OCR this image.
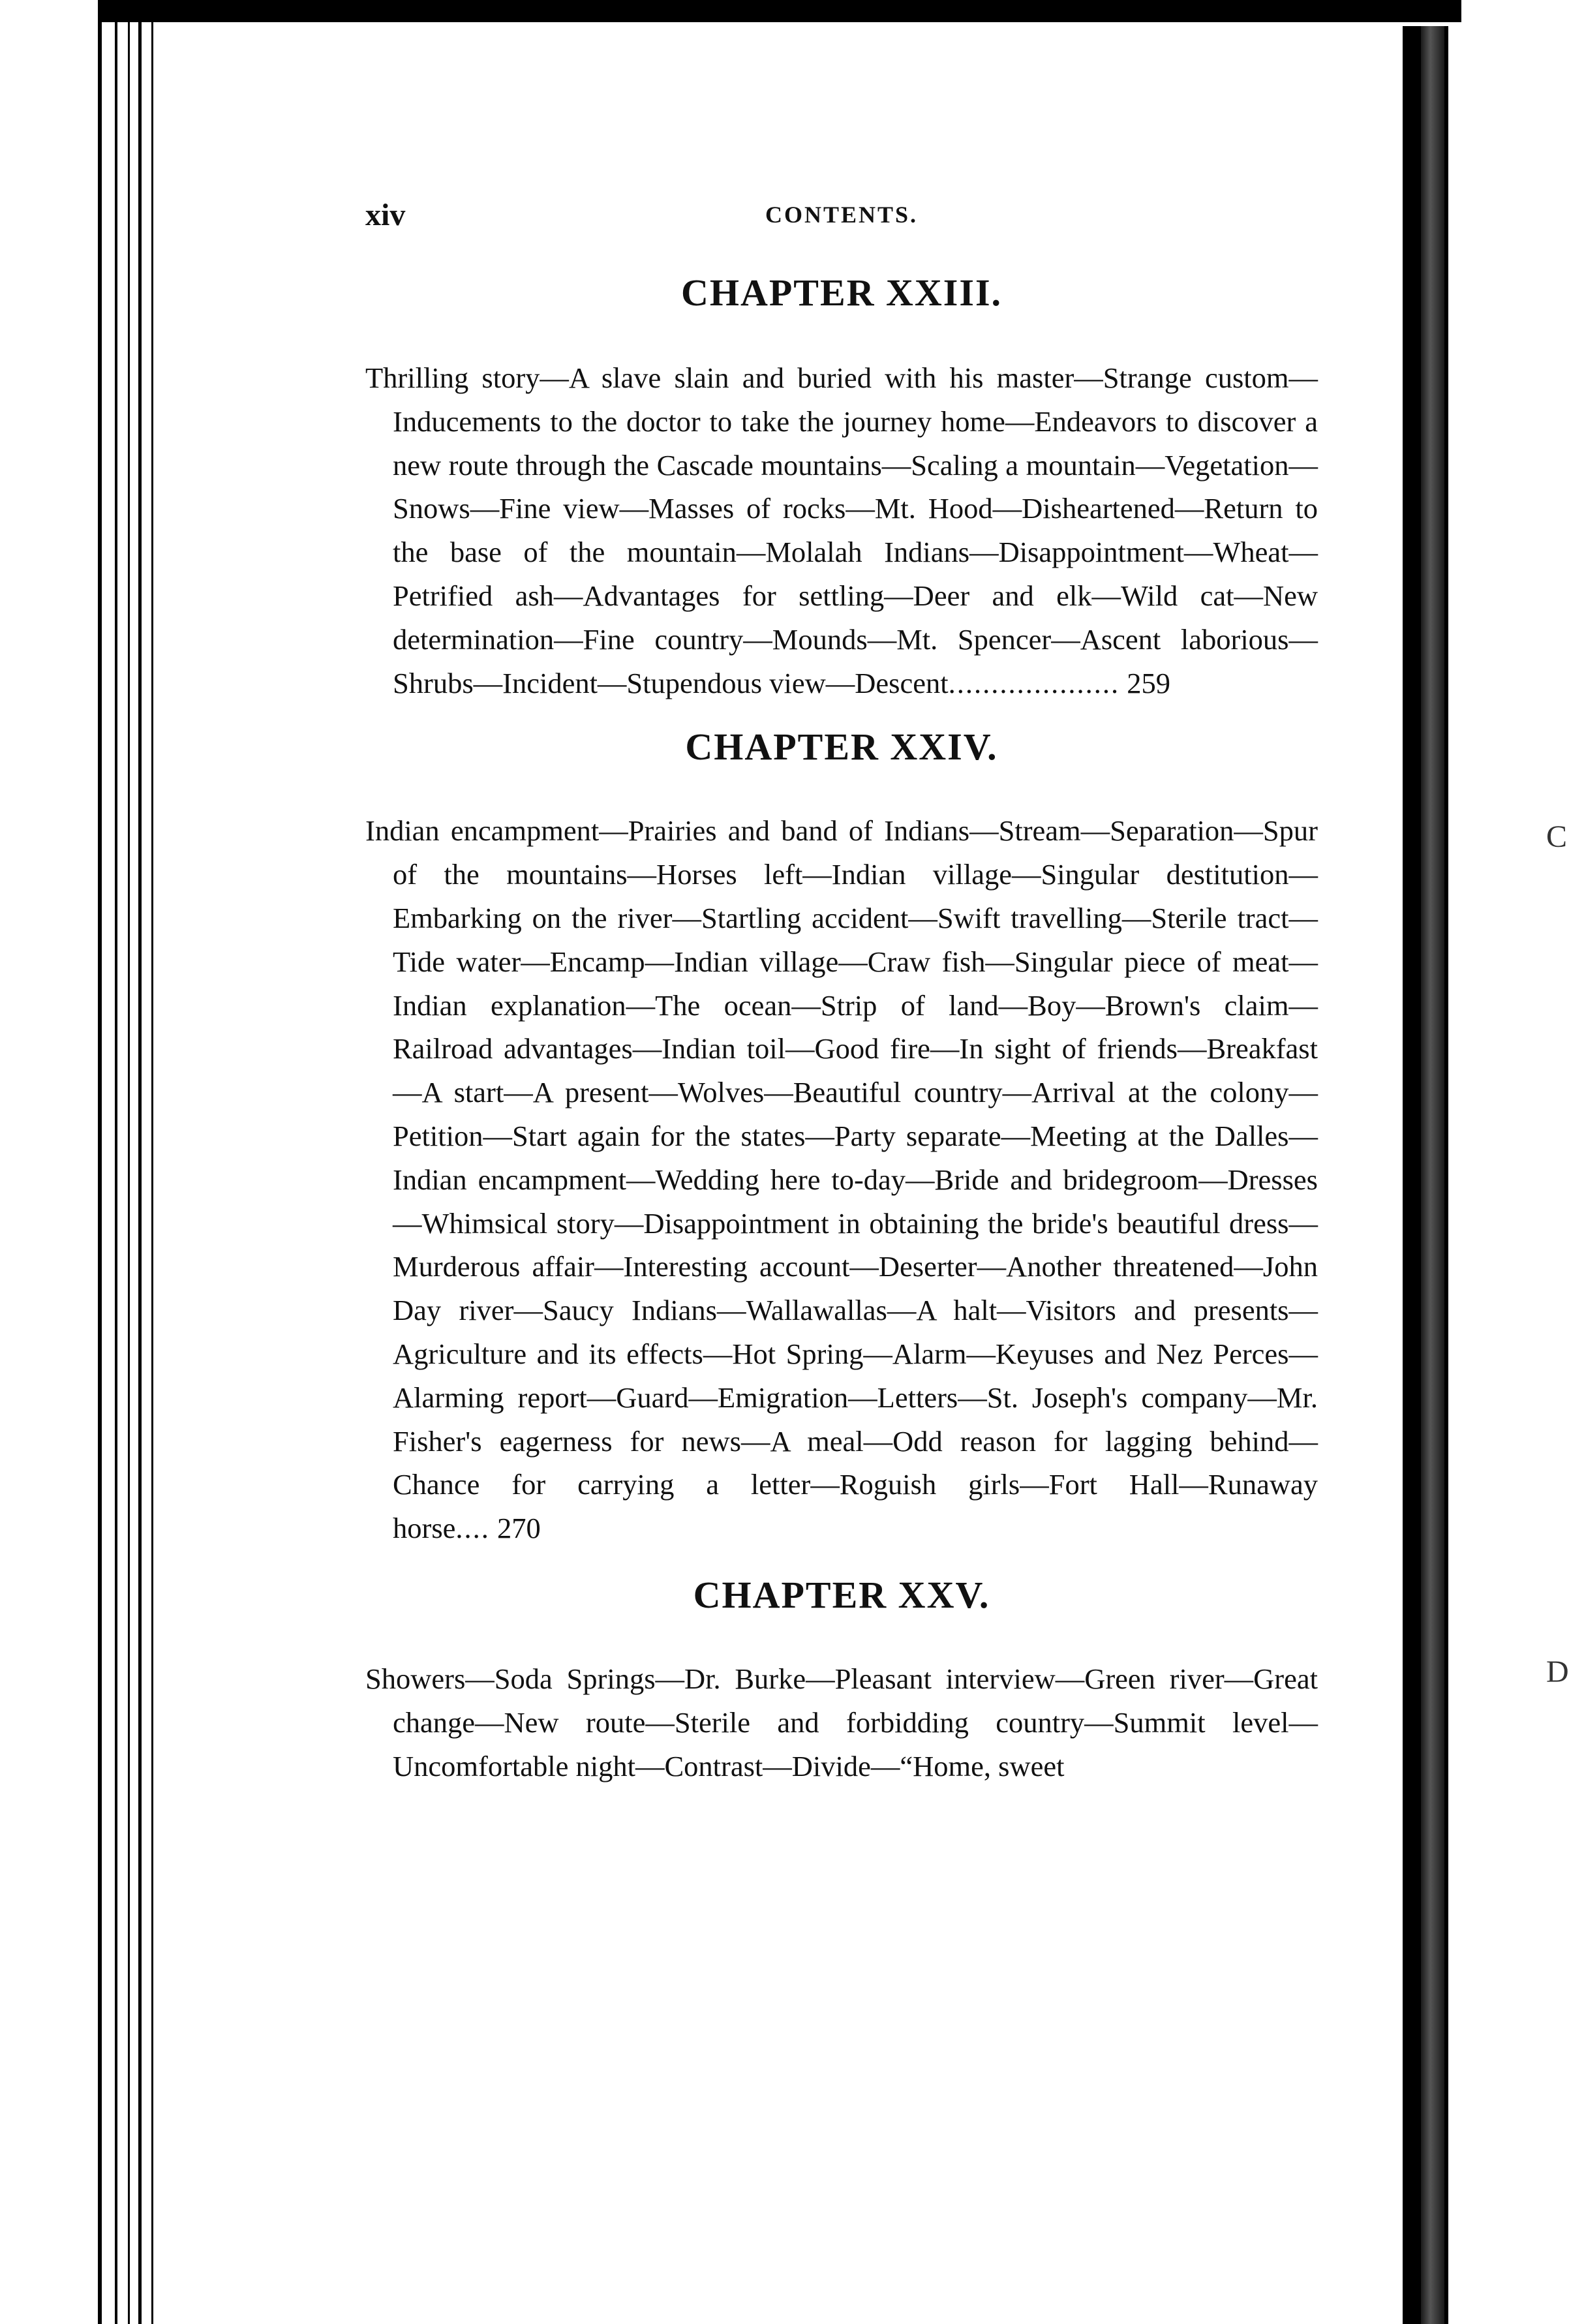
C
D
xiv	CONTENTS.
CHAPTER XXIII.

Thrilling story—A slave slain and buried with his master—Strange custom—Inducements to the doctor to take the journey home—Endeavors to discover a new route through the Cascade mountains—Scaling a mountain—Vegetation—Snows—Fine view—Masses of rocks—Mt. Hood—Disheartened—Return to the base of the mountain—Molalah Indians—Disappointment—Wheat—Petrified ash—Advantages for settling—Deer and elk—Wild cat—New determination—Fine country—Mounds—Mt. Spencer—Ascent laborious—Shrubs—Incident—Stupendous view—Descent.................... 259

CHAPTER XXIV.

Indian encampment—Prairies and band of Indians—Stream—Separation—Spur of the mountains—Horses left—Indian village—Singular destitution—Embarking on the river—Startling accident—Swift travelling—Sterile tract—Tide water—Encamp—Indian village—Craw fish—Singular piece of meat—Indian explanation—The ocean—Strip of land—Boy—Brown's claim—Railroad advantages—Indian toil—Good fire—In sight of friends—Breakfast—A start—A present—Wolves—Beautiful country—Arrival at the colony—Petition—Start again for the states—Party separate—Meeting at the Dalles—Indian encampment—Wedding here to-day—Bride and bridegroom—Dresses—Whimsical story—Disappointment in obtaining the bride's beautiful dress—Murderous affair—Interesting account—Deserter—Another threatened—John Day river—Saucy Indians—Wallawallas—A halt—Visitors and presents—Agriculture and its effects—Hot Spring—Alarm—Keyuses and Nez Perces—Alarming report—Guard—Emigration—Letters—St. Joseph's company—Mr. Fisher's eagerness for news—A meal—Odd reason for lagging behind—Chance for carrying a letter—Roguish girls—Fort Hall—Runaway horse.... 270

CHAPTER XXV.

Showers—Soda Springs—Dr. Burke—Pleasant interview—Green river—Great change—New route—Sterile and forbidding country—Summit level—Uncomfortable night—Contrast—Divide—“Home, sweet
